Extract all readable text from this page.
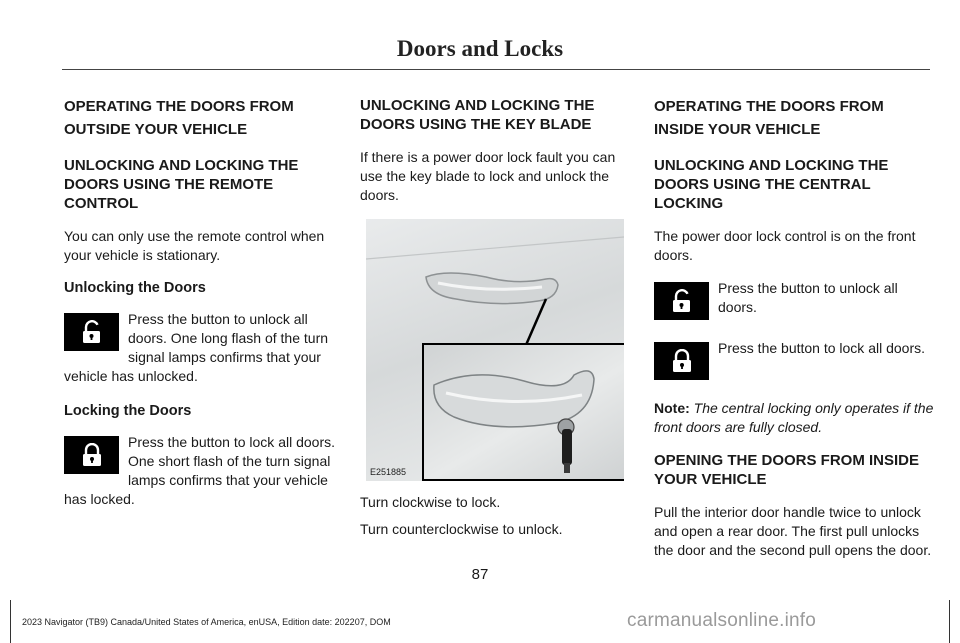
Doors and Locks
OPERATING THE DOORS FROM
OUTSIDE YOUR VEHICLE
UNLOCKING AND LOCKING THE DOORS USING THE REMOTE CONTROL
You can only use the remote control when your vehicle is stationary.
Unlocking the Doors
Press the button to unlock all doors. One long flash of the turn signal lamps confirms that your vehicle has unlocked.
Locking the Doors
Press the button to lock all doors. One short flash of the turn signal lamps confirms that your vehicle has locked.
UNLOCKING AND LOCKING THE DOORS USING THE KEY BLADE
If there is a power door lock fault you can use the key blade to lock and unlock the doors.
E251885
Turn clockwise to lock.
Turn counterclockwise to unlock.
OPERATING THE DOORS FROM
INSIDE YOUR VEHICLE
UNLOCKING AND LOCKING THE DOORS USING THE CENTRAL LOCKING
The power door lock control is on the front doors.
Press the button to unlock all doors.
Press the button to lock all doors.
Note: The central locking only operates if the front doors are fully closed.
OPENING THE DOORS FROM INSIDE YOUR VEHICLE
Pull the interior door handle twice to unlock and open a rear door. The first pull unlocks the door and the second pull opens the door.
87
2023 Navigator (TB9) Canada/United States of America, enUSA, Edition date: 202207, DOM	carmanualsonline.info
